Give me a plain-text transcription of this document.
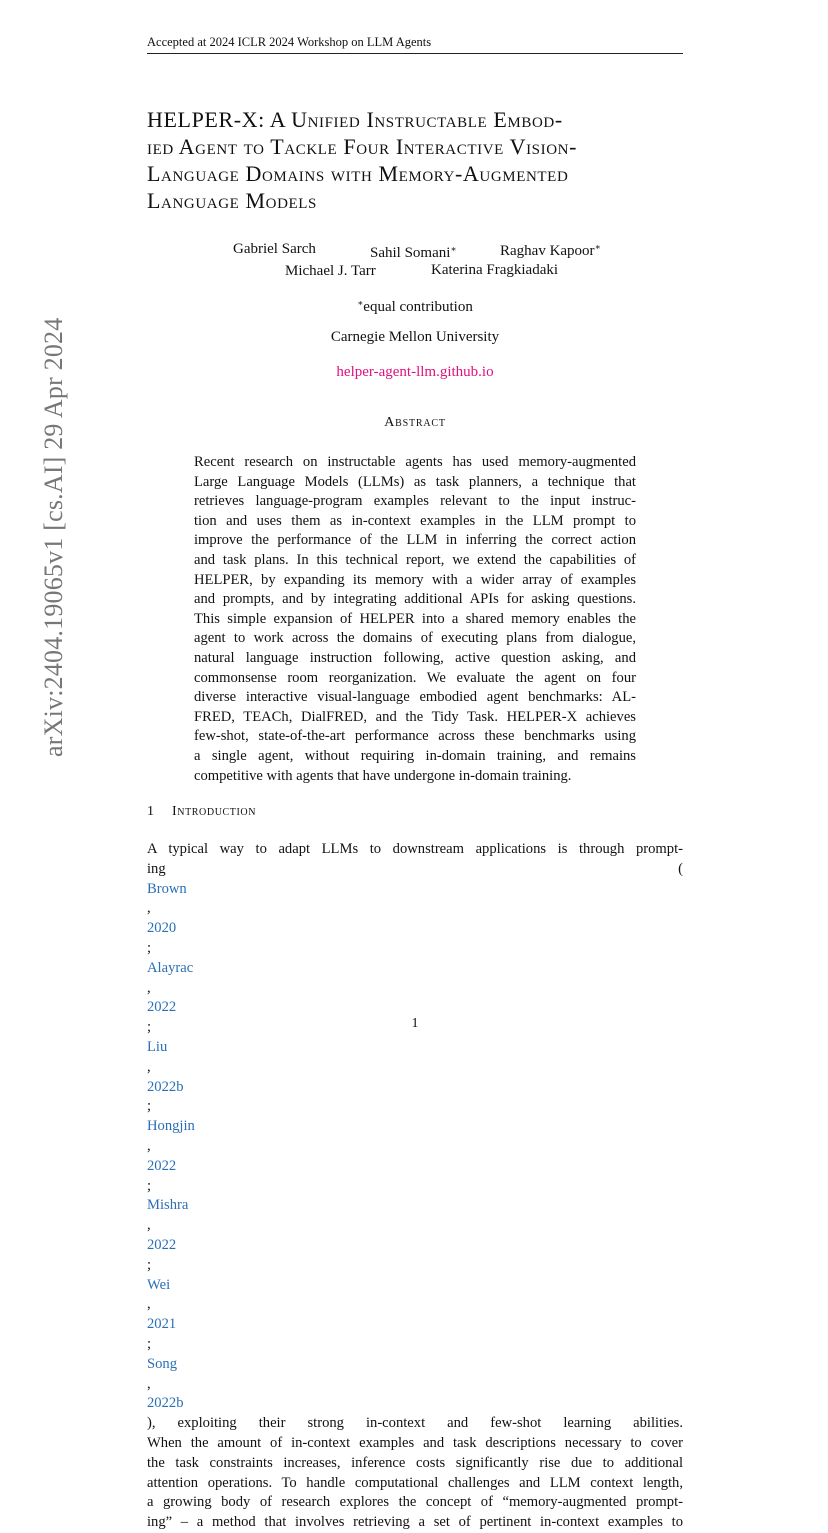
Accepted at 2024 ICLR 2024 Workshop on LLM Agents
arXiv:2404.19065v1 [cs.AI] 29 Apr 2024
HELPER-X: A Unified Instructable Embod-
ied Agent to Tackle Four Interactive Vision-
Language Domains with Memory-Augmented
Language Models
Gabriel Sarch	Sahil Somani∗	Raghav Kapoor∗
Michael J. Tarr	Katerina Fragkiadaki
∗equal contribution
Carnegie Mellon University
helper-agent-llm.github.io
Abstract
Recent research on instructable agents has used memory-augmented
Large Language Models (LLMs) as task planners, a technique that
retrieves language-program examples relevant to the input instruc-
tion and uses them as in-context examples in the LLM prompt to
improve the performance of the LLM in inferring the correct action
and task plans. In this technical report, we extend the capabilities of
HELPER, by expanding its memory with a wider array of examples
and prompts, and by integrating additional APIs for asking questions.
This simple expansion of HELPER into a shared memory enables the
agent to work across the domains of executing plans from dialogue,
natural language instruction following, active question asking, and
commonsense room reorganization. We evaluate the agent on four
diverse interactive visual-language embodied agent benchmarks: AL-
FRED, TEACh, DialFRED, and the Tidy Task. HELPER-X achieves
few-shot, state-of-the-art performance across these benchmarks using
a single agent, without requiring in-domain training, and remains
competitive with agents that have undergone in-domain training.
1 Introduction
A typical way to adapt LLMs to downstream applications is through prompt-
ing (
Brown
,
2020
;
Alayrac
,
2022
;
Liu
,
2022b
;
Hongjin
,
2022
;
Mishra
,
2022
;
Wei
,
2021
;
Song
,
2022b
), exploiting their strong in-context and few-shot learning abilities.
When the amount of in-context examples and task descriptions necessary to cover
the task constraints increases, inference costs significantly rise due to additional
attention operations. To handle computational challenges and LLM context length,
a growing body of research explores the concept of “memory-augmented prompt-
ing” – a method that involves retrieving a set of pertinent in-context examples to
1
